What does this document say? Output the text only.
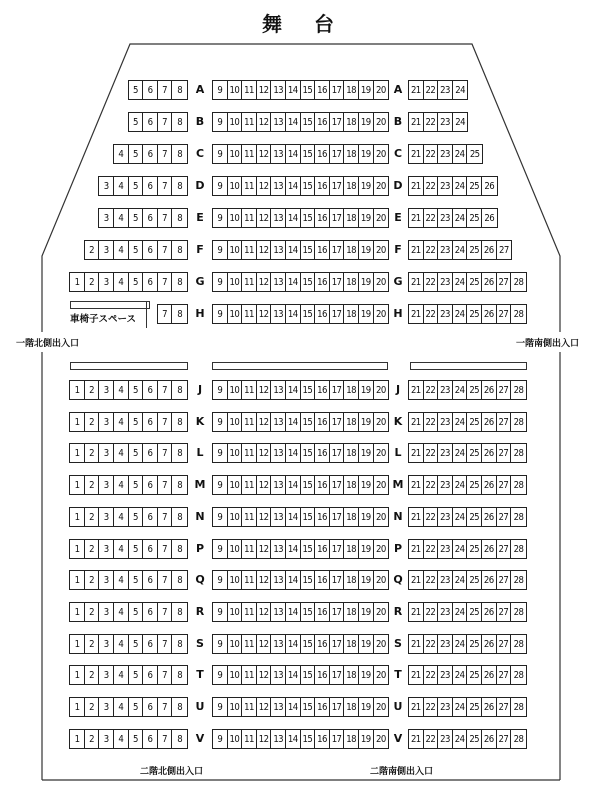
舞 台
一階北側出入口	一階南側出入口
二階北側出入口	二階南側出入口
車椅子スペース
5	6	7	8	A	9 10 11 12 13 14 15 16 17 18 19 20 A 21 22 23 24
5	6	7	8	B	9 10 11 12 13 14 15 16 17 18 19 20 B 21 22 23 24
4	5	6	7	8	C	9 10 11 12 13 14 15 16 17 18 19 20 C 21 22 23 24 25
3	4	5	6	7	8	D	9 10 11 12 13 14 15 16 17 18 19 20 D 21 22 23 24 25 26
3	4	5	6	7	8	E	9 10 11 12 13 14 15 16 17 18 19 20 E 21 22 23 24 25 26
2	3	4	5	6	7	8	F	9 10 11 12 13 14 15 16 17 18 19 20 F 21 22 23 24 25 26 27
1	2	3	4	5	6	7	8	G	9 10 11 12 13 14 15 16 17 18 19 20 G 21 22 23 24 25 26 27 28
7	8	H	9 10 11 12 13 14 15 16 17 18 19 20 H 21 22 23 24 25 26 27 28
1	2	3	4	5	6	7	8	J	9 10 11 12 13 14 15 16 17 18 19 20 J	21 22 23 24 25 26 27 28
1	2	3	4	5	6	7	8	K	9 10 11 12 13 14 15 16 17 18 19 20 K 21 22 23 24 25 26 27 28
1	2	3	4	5	6	7	8	L	9 10 11 12 13 14 15 16 17 18 19 20 L 21 22 23 24 25 26 27 28
1	2	3	4	5	6	7	8	M	9 10 11 12 13 14 15 16 17 18 19 20 M 21 22 23 24 25 26 27 28
1	2	3	4	5	6	7	8	N	9 10 11 12 13 14 15 16 17 18 19 20 N 21 22 23 24 25 26 27 28
1	2	3	4	5	6	7	8	P	9 10 11 12 13 14 15 16 17 18 19 20 P 21 22 23 24 25 26 27 28
1	2	3	4	5	6	7	8	Q	9 10 11 12 13 14 15 16 17 18 19 20 Q 21 22 23 24 25 26 27 28
1	2	3	4	5	6	7	8	R	9 10 11 12 13 14 15 16 17 18 19 20 R 21 22 23 24 25 26 27 28
1	2	3	4	5	6	7	8	S	9 10 11 12 13 14 15 16 17 18 19 20 S 21 22 23 24 25 26 27 28
1	2	3	4	5	6	7	8	T	9 10 11 12 13 14 15 16 17 18 19 20 T 21 22 23 24 25 26 27 28
1	2	3	4	5	6	7	8	U	9 10 11 12 13 14 15 16 17 18 19 20 U 21 22 23 24 25 26 27 28
1	2	3	4	5	6	7	8	V	9 10 11 12 13 14 15 16 17 18 19 20 V 21 22 23 24 25 26 27 28
